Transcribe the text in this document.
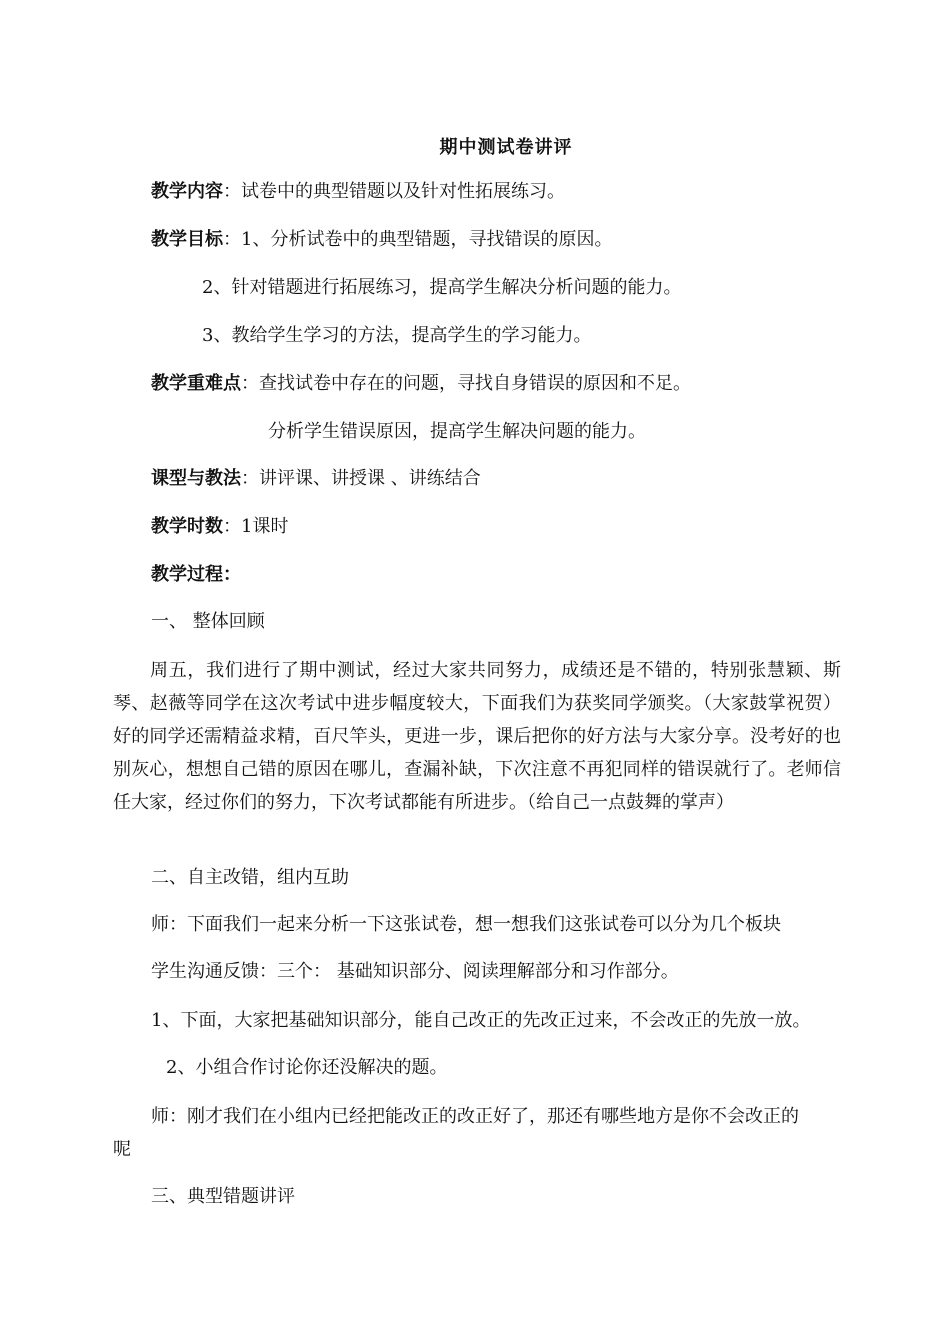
期中测试卷讲评
教学内容：试卷中的典型错题以及针对性拓展练习。
教学目标：1、分析试卷中的典型错题，寻找错误的原因。
2、针对错题进行拓展练习，提高学生解决分析问题的能力。
3、教给学生学习的方法，提高学生的学习能力。
教学重难点：查找试卷中存在的问题，寻找自身错误的原因和不足。
分析学生错误原因，提高学生解决问题的能力。
课型与教法：讲评课、讲授课 、讲练结合
教学时数：1课时
教学过程：
一、 整体回顾
周五，我们进行了期中测试，经过大家共同努力，成绩还是不错的，特别张慧颖、斯琴、赵薇等同学在这次考试中进步幅度较大，下面我们为获奖同学颁奖。（大家鼓掌祝贺）好的同学还需精益求精，百尺竿头，更进一步，课后把你的好方法与大家分享。没考好的也别灰心，想想自己错的原因在哪儿，查漏补缺，下次注意不再犯同样的错误就行了。老师信任大家，经过你们的努力，下次考试都能有所进步。（给自己一点鼓舞的掌声）
二、自主改错，组内互助
师：下面我们一起来分析一下这张试卷，想一想我们这张试卷可以分为几个板块
学生沟通反馈：三个： 基础知识部分、阅读理解部分和习作部分。
1、下面，大家把基础知识部分，能自己改正的先改正过来，不会改正的先放一放。
2、小组合作讨论你还没解决的题。
师：刚才我们在小组内已经把能改正的改正好了，那还有哪些地方是你不会改正的
呢
三、典型错题讲评
